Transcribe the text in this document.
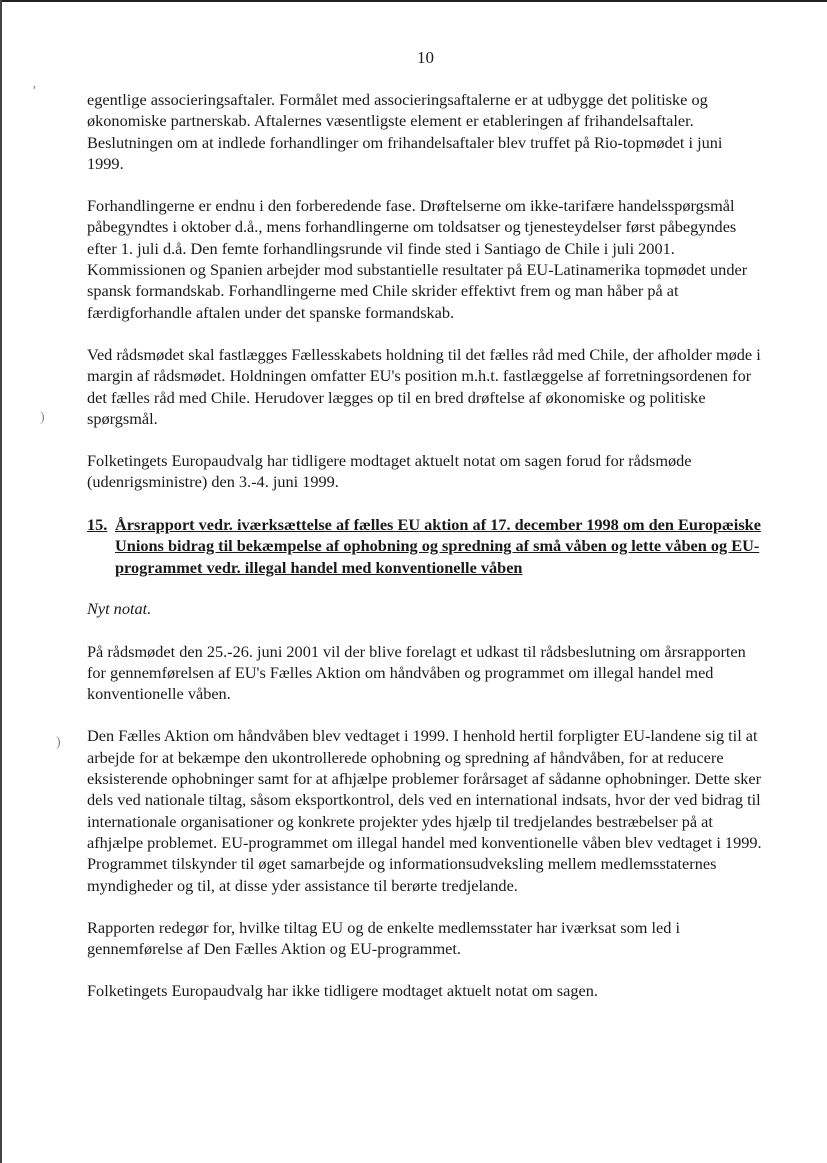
ʼ
)
)
10

egentlige associeringsaftaler. Formålet med associeringsaftalerne er at udbygge det politiske og økonomiske partnerskab. Aftalernes væsentligste element er etableringen af frihandelsaftaler. Beslutningen om at indlede forhandlinger om frihandelsaftaler blev truffet på Rio-topmødet i juni 1999.

Forhandlingerne er endnu i den forberedende fase. Drøftelserne om ikke-tarifære handelsspørgsmål påbegyndtes i oktober d.å., mens forhandlingerne om toldsatser og tjenesteydelser først påbegyndes efter 1. juli d.å. Den femte forhandlingsrunde vil finde sted i Santiago de Chile i juli 2001. Kommissionen og Spanien arbejder mod substantielle resultater på EU-Latinamerika topmødet under spansk formandskab. Forhandlingerne med Chile skrider effektivt frem og man håber på at færdigforhandle aftalen under det spanske formandskab.

Ved rådsmødet skal fastlægges Fællesskabets holdning til det fælles råd med Chile, der afholder møde i margin af rådsmødet. Holdningen omfatter EU's position m.h.t. fastlæggelse af forretningsordenen for det fælles råd med Chile. Herudover lægges op til en bred drøftelse af økonomiske og politiske spørgsmål.

Folketingets Europaudvalg har tidligere modtaget aktuelt notat om sagen forud for rådsmøde (udenrigsministre) den 3.-4. juni 1999.

15. Årsrapport vedr. iværksættelse af fælles EU aktion af 17. december 1998 om den Europæiske Unions bidrag til bekæmpelse af ophobning og spredning af små våben og lette våben og EU-programmet vedr. illegal handel med konventionelle våben

Nyt notat.

På rådsmødet den 25.-26. juni 2001 vil der blive forelagt et udkast til rådsbeslutning om årsrapporten for gennemførelsen af EU's Fælles Aktion om håndvåben og programmet om illegal handel med konventionelle våben.

Den Fælles Aktion om håndvåben blev vedtaget i 1999. I henhold hertil forpligter EU-landene sig til at arbejde for at bekæmpe den ukontrollerede ophobning og spredning af håndvåben, for at reducere eksisterende ophobninger samt for at afhjælpe problemer forårsaget af sådanne ophobninger. Dette sker dels ved nationale tiltag, såsom eksportkontrol, dels ved en international indsats, hvor der ved bidrag til internationale organisationer og konkrete projekter ydes hjælp til tredjelandes bestræbelser på at afhjælpe problemet. EU-programmet om illegal handel med konventionelle våben blev vedtaget i 1999. Programmet tilskynder til øget samarbejde og informationsudveksling mellem medlemsstaternes myndigheder og til, at disse yder assistance til berørte tredjelande.

Rapporten redegør for, hvilke tiltag EU og de enkelte medlemsstater har iværksat som led i gennemførelse af Den Fælles Aktion og EU-programmet.

Folketingets Europaudvalg har ikke tidligere modtaget aktuelt notat om sagen.
